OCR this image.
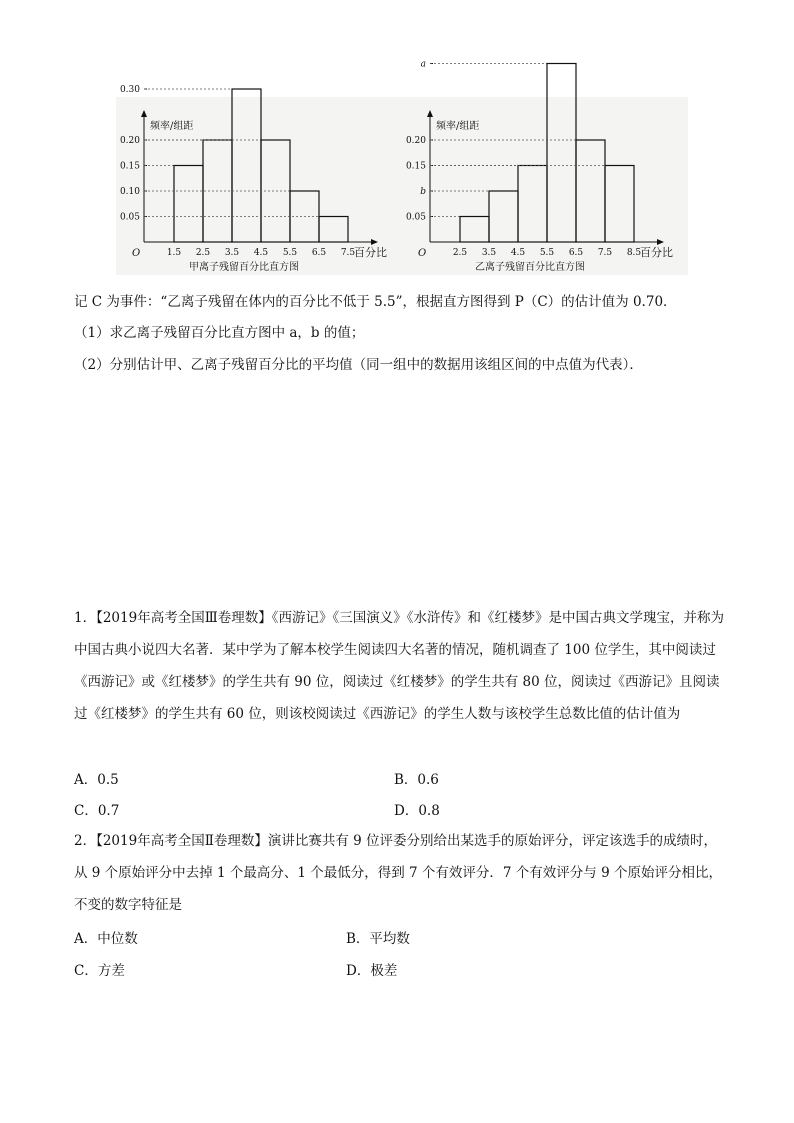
频率/组距
百分比
O
0.05
0.10
0.15
0.20
0.30
1.5 2.5 3.5 4.5 5.5 6.5 7.5
甲离子残留百分比直方图
频率/组距
百分比
O
0.05
b
0.15
0.20
a
2.5 3.5 4.5 5.5 6.5 7.5 8.5
乙离子残留百分比直方图
记 C 为事件：“乙离子残留在体内的百分比不低于 5.5”，根据直方图得到 P（C）的估计值为 0.70．
（1）求乙离子残留百分比直方图中 a，b 的值；
（2）分别估计甲、乙离子残留百分比的平均值（同一组中的数据用该组区间的中点值为代表）．
1．【2019年高考全国Ⅲ卷理数】《西游记》《三国演义》《水浒传》和《红楼梦》是中国古典文学瑰宝，并称为中国古典小说四大名著．某中学为了解本校学生阅读四大名著的情况，随机调查了 100 位学生，其中阅读过《西游记》或《红楼梦》的学生共有 90 位，阅读过《红楼梦》的学生共有 80 位，阅读过《西游记》且阅读过《红楼梦》的学生共有 60 位，则该校阅读过《西游记》的学生人数与该校学生总数比值的估计值为
A．0.5	B．0.6
C．0.7	D．0.8
2．【2019年高考全国Ⅱ卷理数】演讲比赛共有 9 位评委分别给出某选手的原始评分，评定该选手的成绩时，从 9 个原始评分中去掉 1 个最高分、1 个最低分，得到 7 个有效评分．7 个有效评分与 9 个原始评分相比，不变的数字特征是
A．中位数	B．平均数
C．方差	D．极差
